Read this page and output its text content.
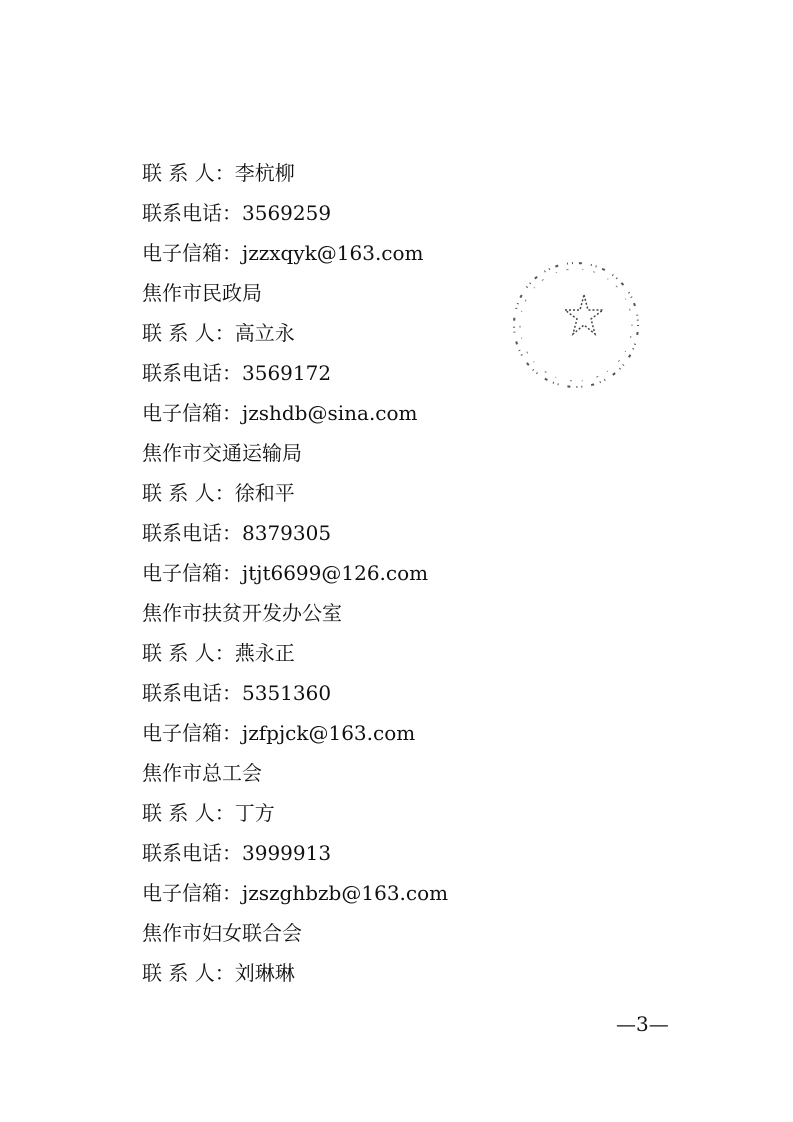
联 系 人：李杭柳
联系电话：3569259
电子信箱：jzzxqyk@163.com
焦作市民政局
联 系 人：高立永
联系电话：3569172
电子信箱：jzshdb@sina.com
焦作市交通运输局
联 系 人：徐和平
联系电话：8379305
电子信箱：jtjt6699@126.com
焦作市扶贫开发办公室
联 系 人：燕永正
联系电话：5351360
电子信箱：jzfpjck@163.com
焦作市总工会
联 系 人：丁方
联系电话：3999913
电子信箱：jzszghbzb@163.com
焦作市妇女联合会
联 系 人：刘琳琳
—3—
